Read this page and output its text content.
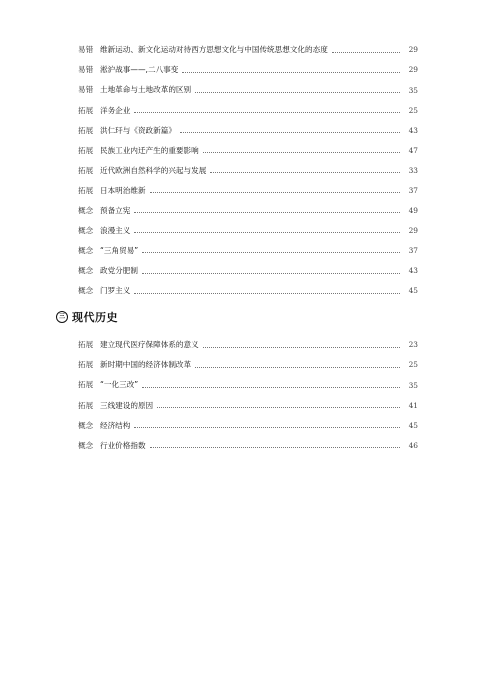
易错 维新运动、新文化运动对待西方思想文化与中国传统思想文化的态度	29
易错 淞沪战事——,二八事变	29
易错 土地革命与土地改革的区别	35
拓展 洋务企业	25
拓展 洪仁玕与《资政新篇》	43
拓展 民族工业内迁产生的重要影响	47
拓展 近代欧洲自然科学的兴起与发展	33
拓展 日本明治维新	37
概念 预备立宪	49
概念 浪漫主义	29
概念 “三角贸易”	37
概念 政党分肥制	43
概念 门罗主义	45
三 现代历史
拓展 建立现代医疗保障体系的意义	23
拓展 新时期中国的经济体制改革	25
拓展 “一化三改”	35
拓展 三线建设的原因	41
概念 经济结构	45
概念 行业价格指数	46
